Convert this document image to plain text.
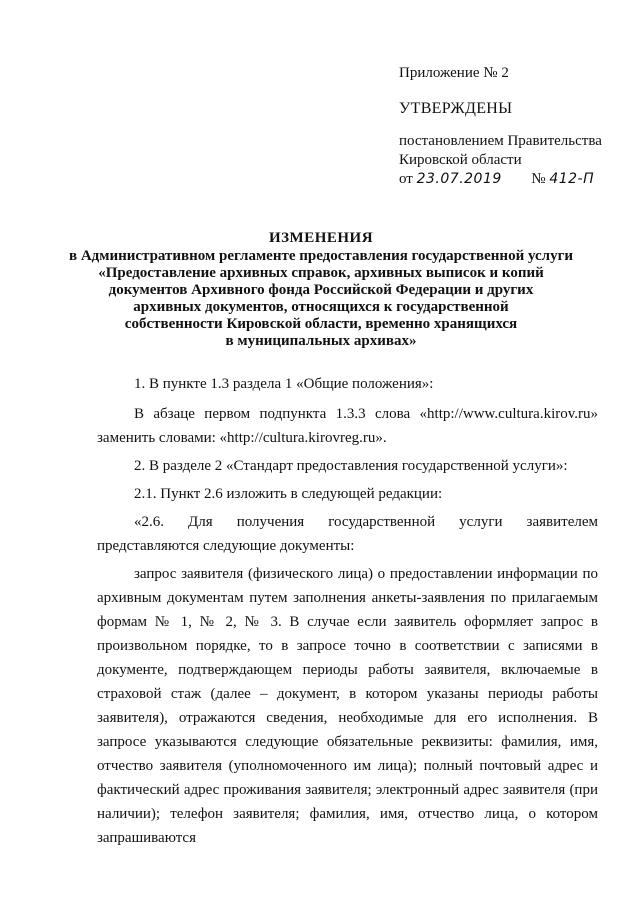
Приложение № 2
УТВЕРЖДЕНЫ
постановлением Правительства
Кировской области
от 23.07.2019 № 412-П
ИЗМЕНЕНИЯ
в Административном регламенте предоставления государственной услуги
«Предоставление архивных справок, архивных выписок и копий
документов Архивного фонда Российской Федерации и других
архивных документов, относящихся к государственной
собственности Кировской области, временно хранящихся
в муниципальных архивах»

1. В пункте 1.3 раздела 1 «Общие положения»:

В абзаце первом подпункта 1.3.3 слова «http://www.cultura.kirov.ru» заменить словами: «http://cultura.kirovreg.ru».

2. В разделе 2 «Стандарт предоставления государственной услуги»:

2.1. Пункт 2.6 изложить в следующей редакции:

«2.6. Для получения государственной услуги заявителем представляются следующие документы:

запрос заявителя (физического лица) о предоставлении информации по архивным документам путем заполнения анкеты-заявления по прилагаемым формам № 1, № 2, № 3. В случае если заявитель оформляет запрос в произвольном порядке, то в запросе точно в соответствии с записями в документе, подтверждающем периоды работы заявителя, включаемые в страховой стаж (далее – документ, в котором указаны периоды работы заявителя), отражаются сведения, необходимые для его исполнения. В запросе указываются следующие обязательные реквизиты: фамилия, имя, отчество заявителя (уполномоченного им лица); полный почтовый адрес и фактический адрес проживания заявителя; электронный адрес заявителя (при наличии); телефон заявителя; фамилия, имя, отчество лица, о котором запрашиваются
